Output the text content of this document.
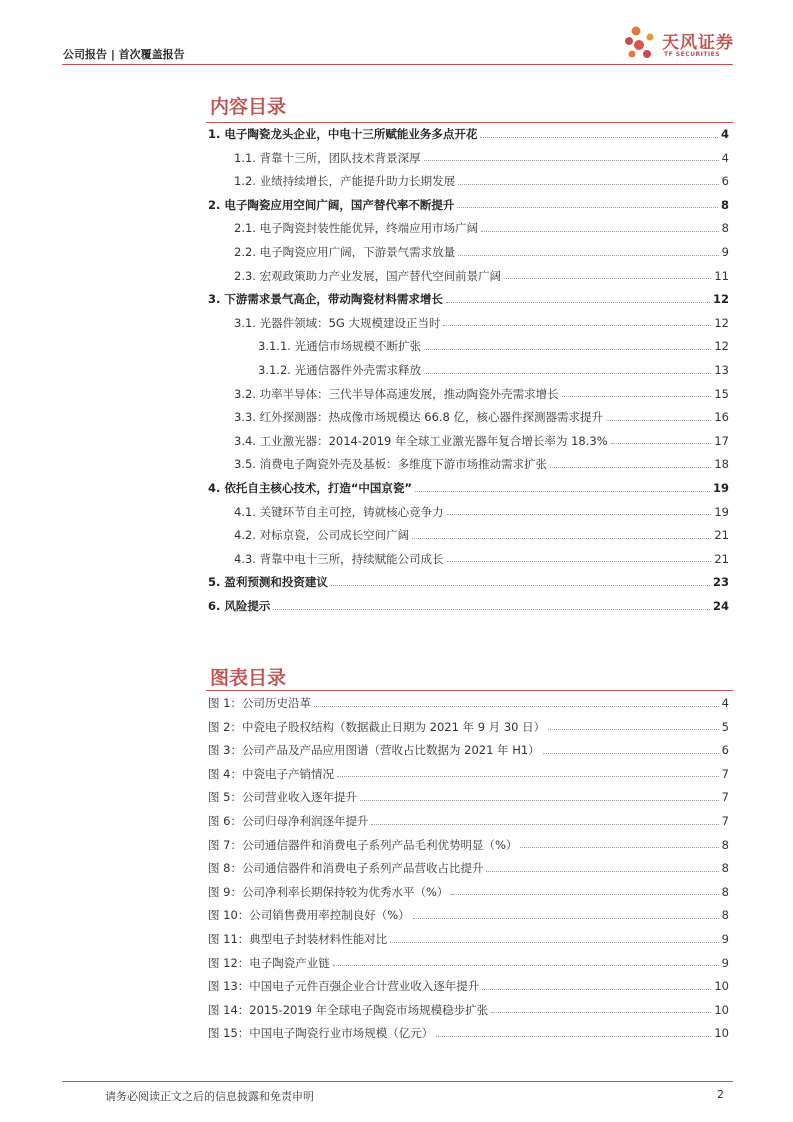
公司报告 | 首次覆盖报告
天风证券
TF SECURITIES
内容目录
1. 电子陶瓷龙头企业，中电十三所赋能业务多点开花	4
1.1. 背靠十三所，团队技术背景深厚	4
1.2. 业绩持续增长，产能提升助力长期发展	6
2. 电子陶瓷应用空间广阔，国产替代率不断提升	8
2.1. 电子陶瓷封装性能优异，终端应用市场广阔	8
2.2. 电子陶瓷应用广阔，下游景气需求放量	9
2.3. 宏观政策助力产业发展，国产替代空间前景广阔	11
3. 下游需求景气高企，带动陶瓷材料需求增长	12
3.1. 光器件领域：5G 大规模建设正当时	12
3.1.1. 光通信市场规模不断扩张	12
3.1.2. 光通信器件外壳需求释放	13
3.2. 功率半导体：三代半导体高速发展，推动陶瓷外壳需求增长	15
3.3. 红外探测器：热成像市场规模达 66.8 亿，核心器件探测器需求提升	16
3.4. 工业激光器：2014-2019 年全球工业激光器年复合增长率为 18.3%	17
3.5. 消费电子陶瓷外壳及基板：多维度下游市场推动需求扩张	18
4. 依托自主核心技术，打造“中国京瓷”	19
4.1. 关键环节自主可控，铸就核心竞争力	19
4.2. 对标京瓷，公司成长空间广阔	21
4.3. 背靠中电十三所，持续赋能公司成长	21
5. 盈利预测和投资建议	23
6. 风险提示	24
图表目录
图 1：公司历史沿革	4
图 2：中瓷电子股权结构（数据截止日期为 2021 年 9 月 30 日）	5
图 3：公司产品及产品应用图谱（营收占比数据为 2021 年 H1）	6
图 4：中瓷电子产销情况	7
图 5：公司营业收入逐年提升	7
图 6：公司归母净利润逐年提升	7
图 7：公司通信器件和消费电子系列产品毛利优势明显（%）	8
图 8：公司通信器件和消费电子系列产品营收占比提升	8
图 9：公司净利率长期保持较为优秀水平（%）	8
图 10：公司销售费用率控制良好（%）	8
图 11：典型电子封装材料性能对比	9
图 12：电子陶瓷产业链	9
图 13：中国电子元件百强企业合计营业收入逐年提升	10
图 14：2015-2019 年全球电子陶瓷市场规模稳步扩张	10
图 15：中国电子陶瓷行业市场规模（亿元）	10
请务必阅读正文之后的信息披露和免责申明	2
